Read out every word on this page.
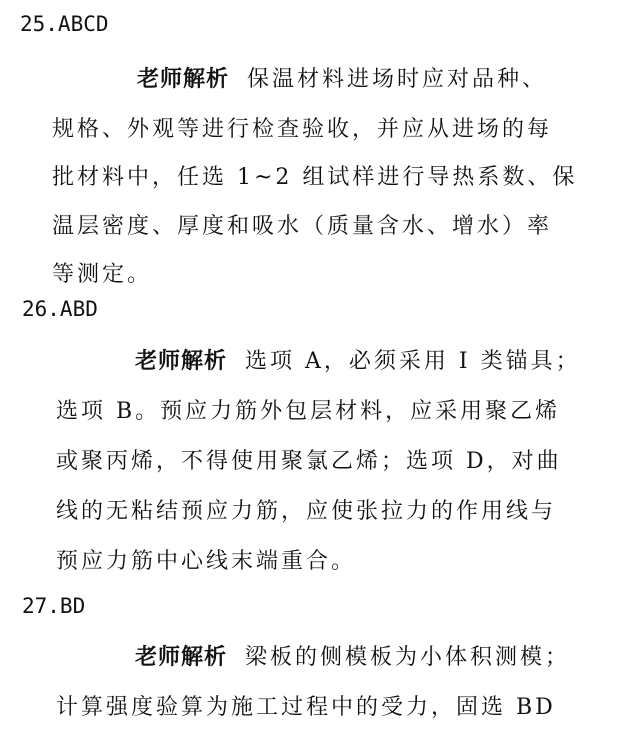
25.ABCD
老师解析 保温材料进场时应对品种、
规格、外观等进行检查验收，并应从进场的每
批材料中，任选 1~2 组试样进行导热系数、保
温层密度、厚度和吸水（质量含水、增水）率
等测定。
26.ABD
老师解析 选项 A，必须采用 I 类锚具；
选项 B。预应力筋外包层材料，应采用聚乙烯
或聚丙烯，不得使用聚氯乙烯；选项 D，对曲
线的无粘结预应力筋，应使张拉力的作用线与
预应力筋中心线末端重合。
27.BD
老师解析 梁板的侧模板为小体积测模；
计算强度验算为施工过程中的受力，固选 BD
